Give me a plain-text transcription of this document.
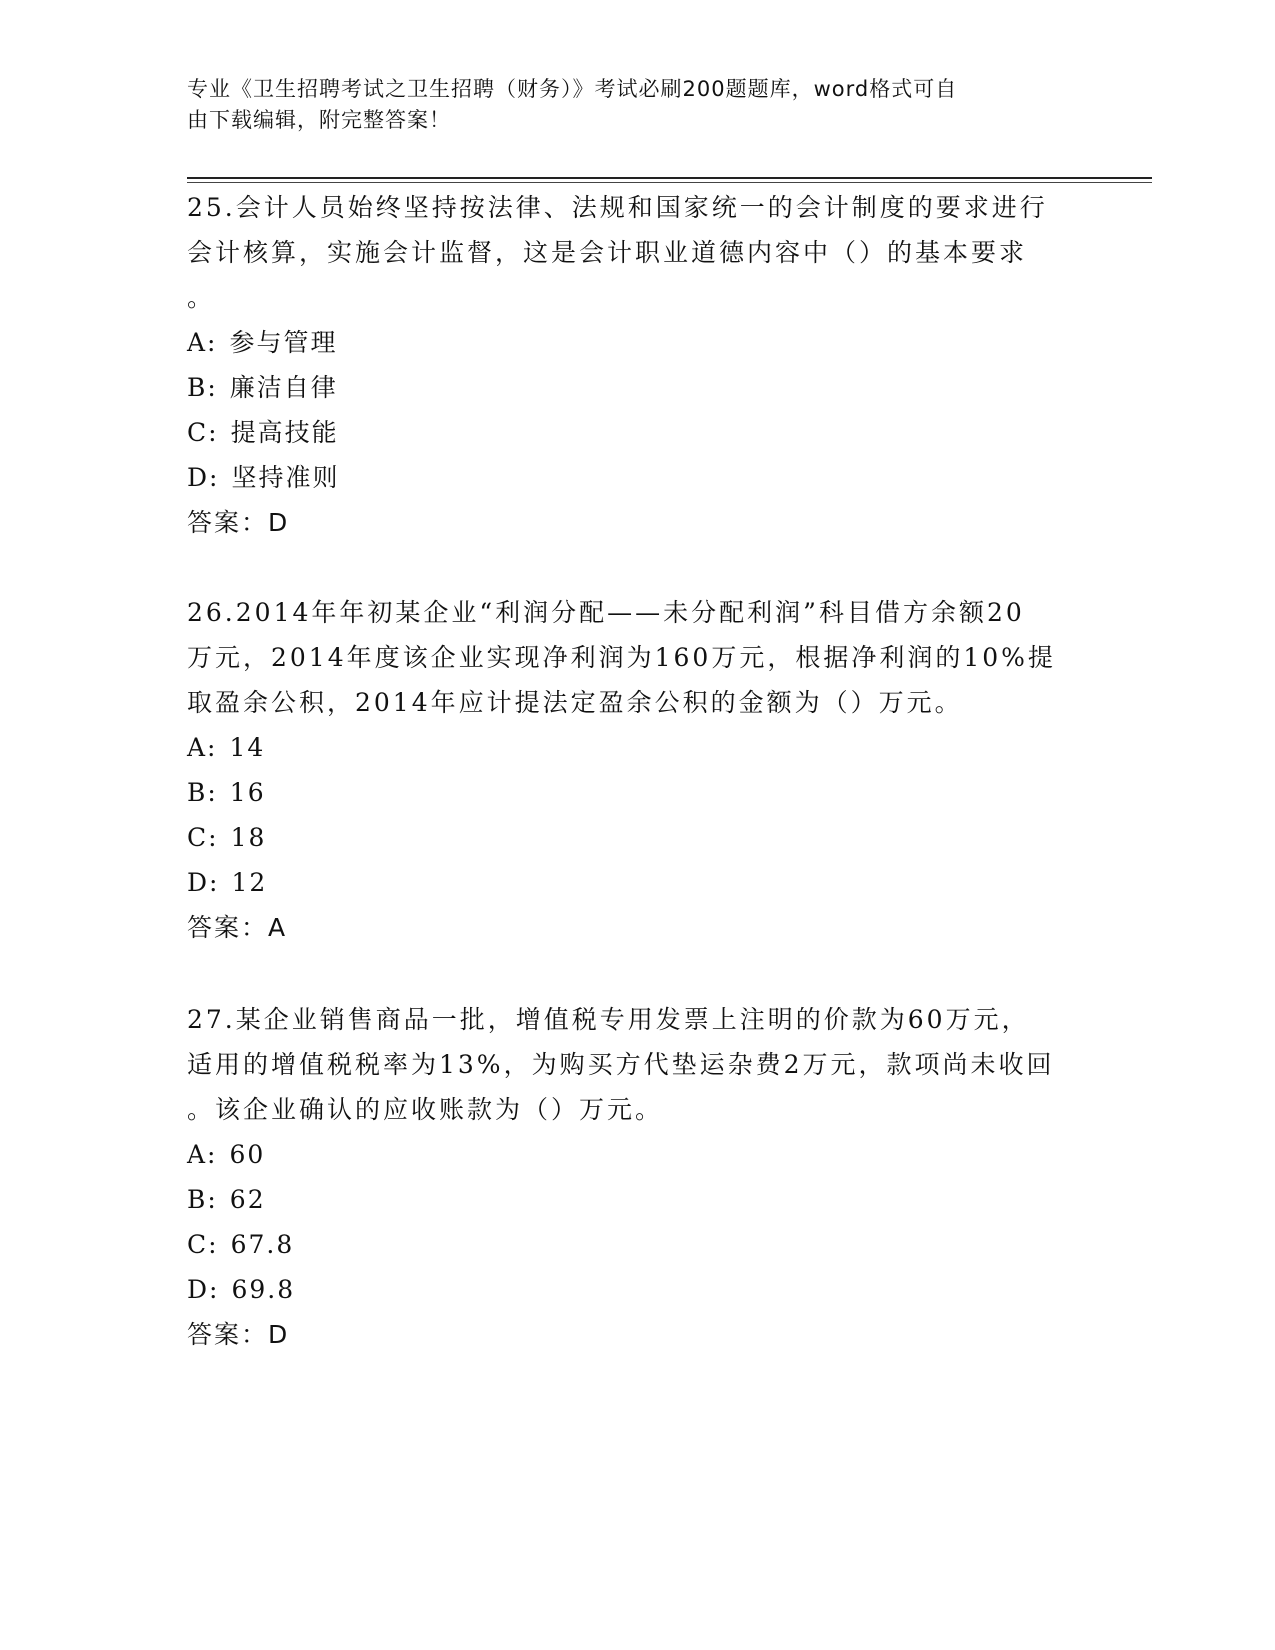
专业《卫生招聘考试之卫生招聘（财务）》考试必刷200题题库，word格式可自
由下载编辑，附完整答案！

25.会计人员始终坚持按法律、法规和国家统一的会计制度的要求进行
会计核算，实施会计监督，这是会计职业道德内容中（）的基本要求
。

A: 参与管理

B: 廉洁自律

C: 提高技能

D: 坚持准则

答案：D

26.2014年年初某企业“利润分配——未分配利润”科目借方余额20
万元，2014年度该企业实现净利润为160万元，根据净利润的10%提
取盈余公积，2014年应计提法定盈余公积的金额为（）万元。

A: 14

B: 16

C: 18

D: 12

答案：A

27.某企业销售商品一批，增值税专用发票上注明的价款为60万元，
适用的增值税税率为13%，为购买方代垫运杂费2万元，款项尚未收回
。该企业确认的应收账款为（）万元。

A: 60

B: 62

C: 67.8

D: 69.8

答案：D
